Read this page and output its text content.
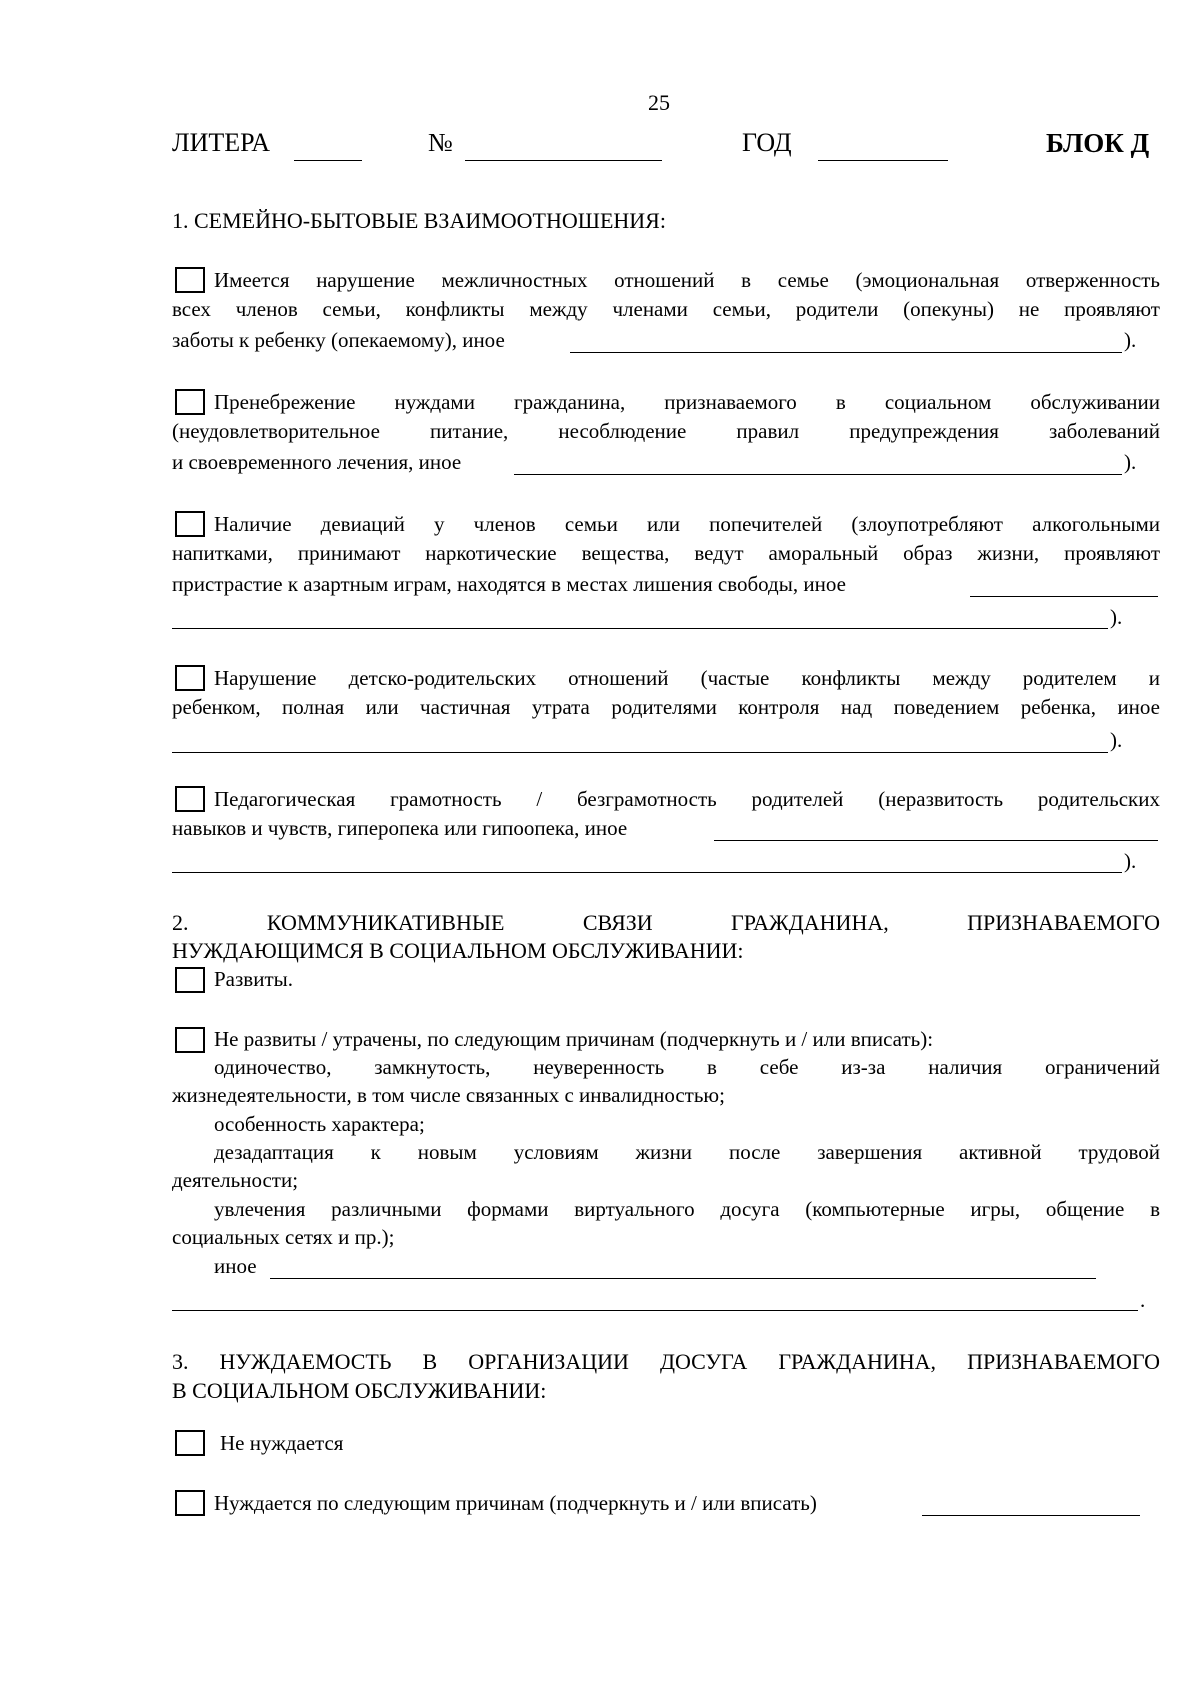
25
ЛИТЕРА	№	ГОД	БЛОК Д
1. СЕМЕЙНО-БЫТОВЫЕ ВЗАИМООТНОШЕНИЯ:
Имеется нарушение межличностных отношений в семье (эмоциональная отверженность
всех членов семьи, конфликты между членами семьи, родители (опекуны) не проявляют
заботы к ребенку (опекаемому), иное	).
Пренебрежение нуждами гражданина, признаваемого в социальном обслуживании
(неудовлетворительное питание, несоблюдение правил предупреждения заболеваний
и своевременного лечения, иное	).
Наличие девиаций у членов семьи или попечителей (злоупотребляют алкогольными
напитками, принимают наркотические вещества, ведут аморальный образ жизни, проявляют
пристрастие к азартным играм, находятся в местах лишения свободы, иное
).
Нарушение детско-родительских отношений (частые конфликты между родителем и
ребенком, полная или частичная утрата родителями контроля над поведением ребенка, иное
).
Педагогическая грамотность / безграмотность родителей (неразвитость родительских
навыков и чувств, гиперопека или гипоопека, иное
).
2. КОММУНИКАТИВНЫЕ СВЯЗИ ГРАЖДАНИНА, ПРИЗНАВАЕМОГО
НУЖДАЮЩИМСЯ В СОЦИАЛЬНОМ ОБСЛУЖИВАНИИ:
Развиты.
Не развиты / утрачены, по следующим причинам (подчеркнуть и / или вписать):
одиночество, замкнутость, неуверенность в себе из-за наличия ограничений
жизнедеятельности, в том числе связанных с инвалидностью;
особенность характера;
дезадаптация к новым условиям жизни после завершения активной трудовой
деятельности;
увлечения различными формами виртуального досуга (компьютерные игры, общение в
социальных сетях и пр.);
иное
.
3. НУЖДАЕМОСТЬ В ОРГАНИЗАЦИИ ДОСУГА ГРАЖДАНИНА, ПРИЗНАВАЕМОГО
В СОЦИАЛЬНОМ ОБСЛУЖИВАНИИ:
Не нуждается
Нуждается по следующим причинам (подчеркнуть и / или вписать)
